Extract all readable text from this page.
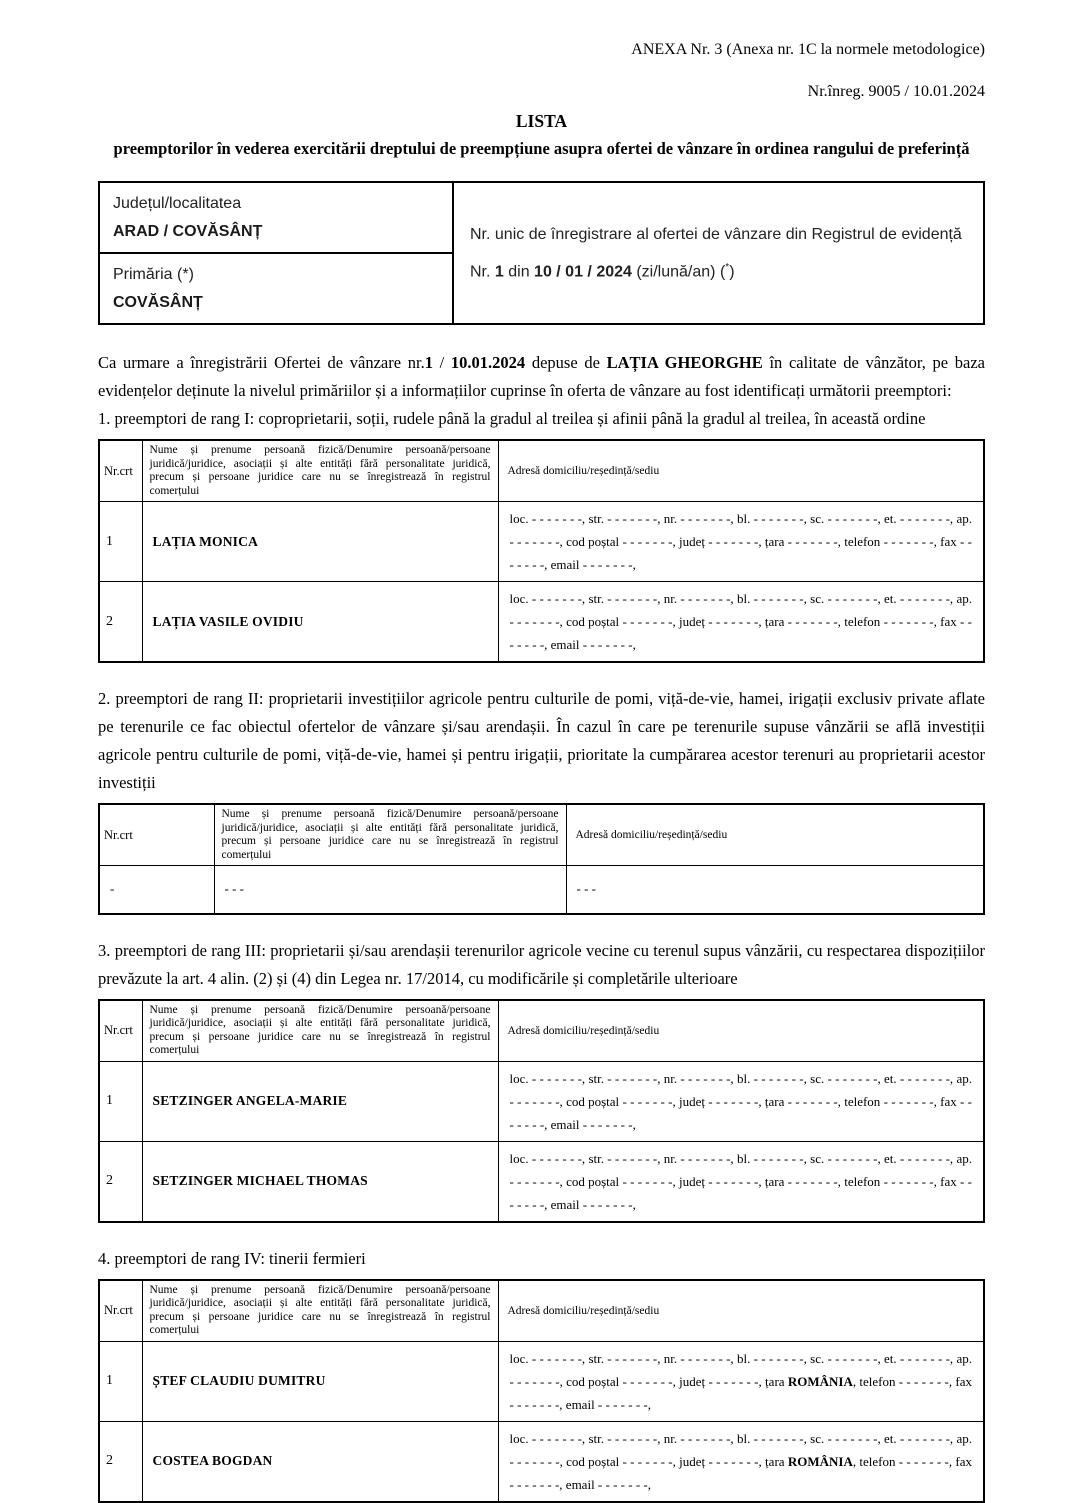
ANEXA Nr. 3 (Anexa nr. 1C la normele metodologice)
Nr.înreg. 9005 / 10.01.2024
LISTA
preemptorilor în vederea exercitării dreptului de preempțiune asupra ofertei de vânzare în ordinea rangului de preferință
Județul/localitatea
ARAD / COVĂSÂNȚ	Nr. unic de înregistrare al ofertei de vânzare din Registrul de evidență
Nr. 1 din 10 / 01 / 2024 (zi/lună/an) (*)

Primăria (*)
COVĂSÂNȚ

Ca urmare a înregistrării Ofertei de vânzare nr.1 / 10.01.2024 depuse de LAȚIA GHEORGHE în calitate de vânzător, pe baza evidențelor deținute la nivelul primăriilor și a informațiilor cuprinse în oferta de vânzare au fost identificați următorii preemptori:

1. preemptori de rang I: coproprietarii, soții, rudele până la gradul al treilea și afinii până la gradul al treilea, în această ordine

Nr.crt	Nume și prenume persoană fizică/Denumire persoană/persoane juridică/juridice, asociații și alte entități fără personalitate juridică, precum și persoane juridice care nu se înregistrează în registrul comerțului	Adresă domiciliu/reședință/sediu
1	LAȚIA MONICA	loc. - - - - - - -, str. - - - - - - -, nr. - - - - - - -, bl. - - - - - - -, sc. - - - - - - -, et. - - - - - - -, ap. - - - - - - -, cod poștal - - - - - - -, județ - - - - - - -, țara - - - - - - -, telefon - - - - - - -, fax - - - - - - -, email - - - - - - -,
2	LAȚIA VASILE OVIDIU	loc. - - - - - - -, str. - - - - - - -, nr. - - - - - - -, bl. - - - - - - -, sc. - - - - - - -, et. - - - - - - -, ap. - - - - - - -, cod poștal - - - - - - -, județ - - - - - - -, țara - - - - - - -, telefon - - - - - - -, fax - - - - - - -, email - - - - - - -,

2. preemptori de rang II: proprietarii investițiilor agricole pentru culturile de pomi, viță-de-vie, hamei, irigații exclusiv private aflate pe terenurile ce fac obiectul ofertelor de vânzare și/sau arendașii. În cazul în care pe terenurile supuse vânzării se află investiții agricole pentru culturile de pomi, viță-de-vie, hamei și pentru irigații, prioritate la cumpărarea acestor terenuri au proprietarii acestor investiții

Nr.crt	Nume și prenume persoană fizică/Denumire persoană/persoane juridică/juridice, asociații și alte entități fără personalitate juridică, precum și persoane juridice care nu se înregistrează în registrul comerțului	Adresă domiciliu/reședință/sediu
-	- - -	- - -

3. preemptori de rang III: proprietarii și/sau arendașii terenurilor agricole vecine cu terenul supus vânzării, cu respectarea dispozițiilor prevăzute la art. 4 alin. (2) și (4) din Legea nr. 17/2014, cu modificările și completările ulterioare

Nr.crt	Nume și prenume persoană fizică/Denumire persoană/persoane juridică/juridice, asociații și alte entități fără personalitate juridică, precum și persoane juridice care nu se înregistrează în registrul comerțului	Adresă domiciliu/reședință/sediu
1	SETZINGER ANGELA-MARIE	loc. - - - - - - -, str. - - - - - - -, nr. - - - - - - -, bl. - - - - - - -, sc. - - - - - - -, et. - - - - - - -, ap. - - - - - - -, cod poștal - - - - - - -, județ - - - - - - -, țara - - - - - - -, telefon - - - - - - -, fax - - - - - - -, email - - - - - - -,
2	SETZINGER MICHAEL THOMAS	loc. - - - - - - -, str. - - - - - - -, nr. - - - - - - -, bl. - - - - - - -, sc. - - - - - - -, et. - - - - - - -, ap. - - - - - - -, cod poștal - - - - - - -, județ - - - - - - -, țara - - - - - - -, telefon - - - - - - -, fax - - - - - - -, email - - - - - - -,

4. preemptori de rang IV: tinerii fermieri

Nr.crt	Nume și prenume persoană fizică/Denumire persoană/persoane juridică/juridice, asociații și alte entități fără personalitate juridică, precum și persoane juridice care nu se înregistrează în registrul comerțului	Adresă domiciliu/reședință/sediu
1	ȘTEF CLAUDIU DUMITRU	loc. - - - - - - -, str. - - - - - - -, nr. - - - - - - -, bl. - - - - - - -, sc. - - - - - - -, et. - - - - - - -, ap. - - - - - - -, cod poștal - - - - - - -, județ - - - - - - -, țara ROMÂNIA, telefon - - - - - - -, fax - - - - - - -, email - - - - - - -,
2	COSTEA BOGDAN	loc. - - - - - - -, str. - - - - - - -, nr. - - - - - - -, bl. - - - - - - -, sc. - - - - - - -, et. - - - - - - -, ap. - - - - - - -, cod poștal - - - - - - -, județ - - - - - - -, țara ROMÂNIA, telefon - - - - - - -, fax - - - - - - -, email - - - - - - -,
